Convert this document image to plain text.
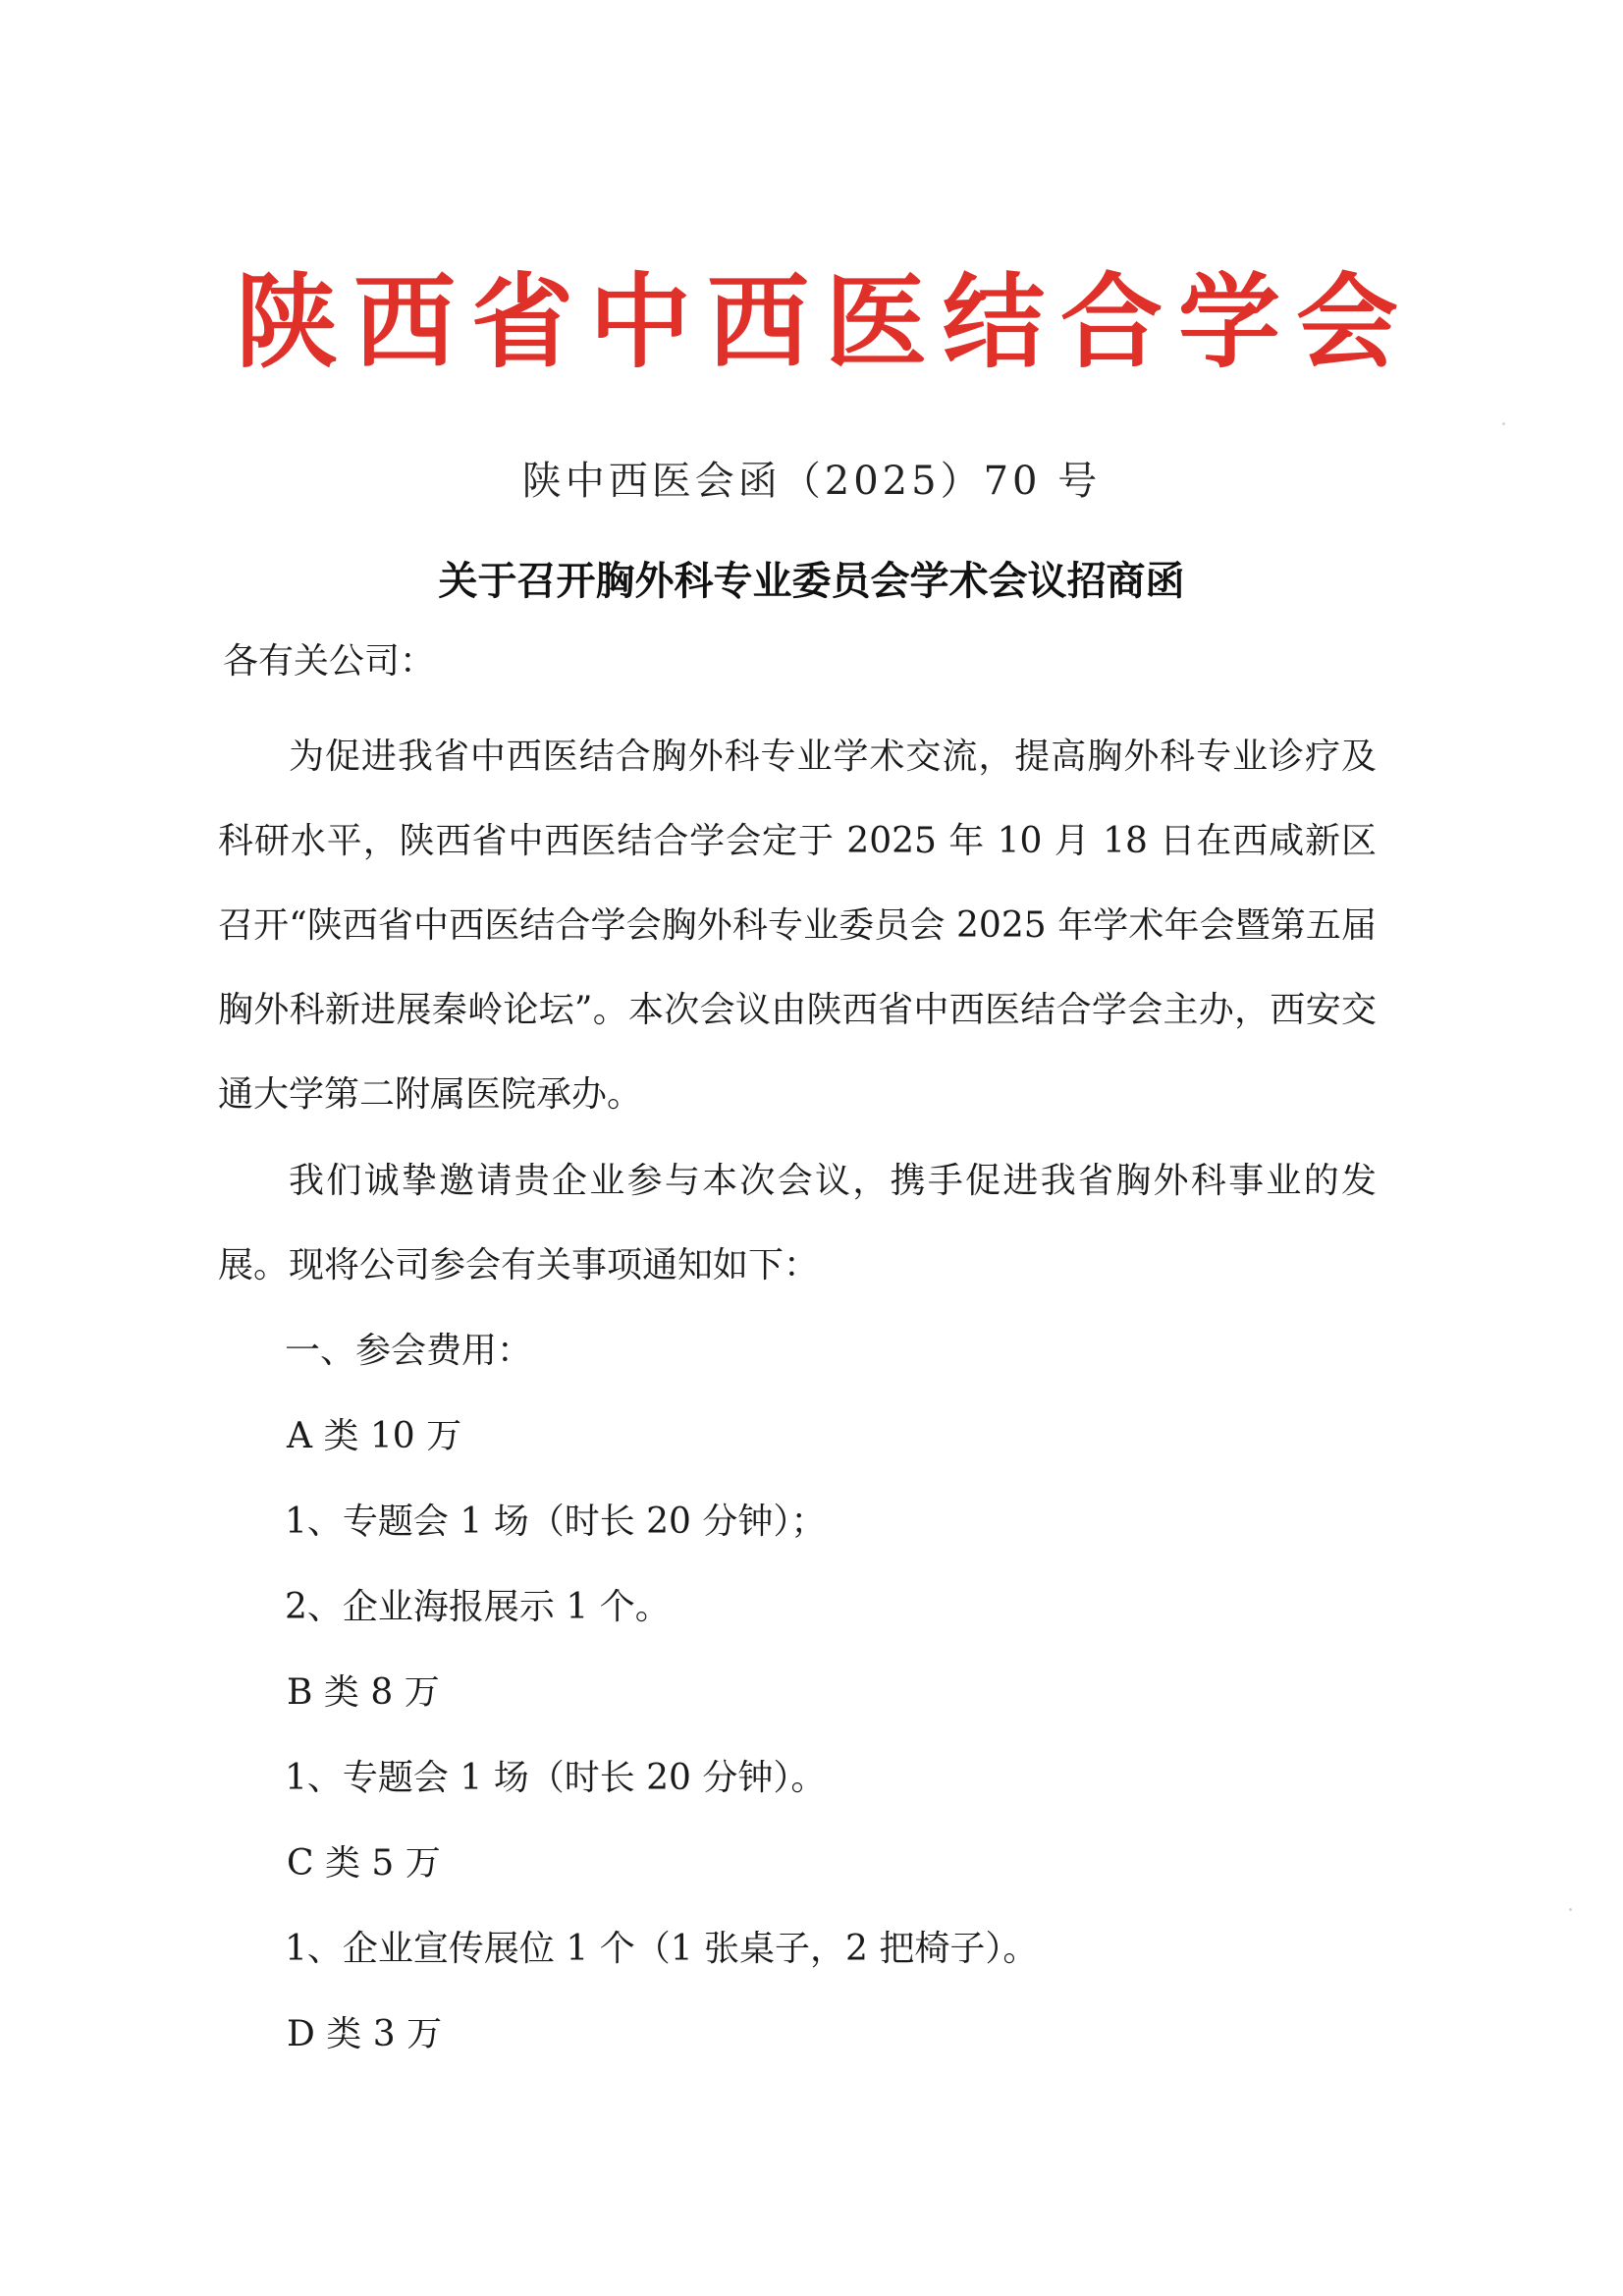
陕西省中西医结合学会
陕中西医会函（2025）70 号
关于召开胸外科专业委员会学术会议招商函
各有关公司：

为促进我省中西医结合胸外科专业学术交流，提高胸外科专业诊疗及科研水平，陕西省中西医结合学会定于 2025 年 10 月 18 日在西咸新区召开“陕西省中西医结合学会胸外科专业委员会 2025 年学术年会暨第五届胸外科新进展秦岭论坛”。本次会议由陕西省中西医结合学会主办，西安交通大学第二附属医院承办。

我们诚挚邀请贵企业参与本次会议，携手促进我省胸外科事业的发展。现将公司参会有关事项通知如下：

一、参会费用：
A 类 10 万
1、专题会 1 场（时长 20 分钟）；
2、企业海报展示 1 个。
B 类 8 万
1、专题会 1 场（时长 20 分钟）。
C 类 5 万
1、企业宣传展位 1 个（1 张桌子，2 把椅子）。
D 类 3 万
